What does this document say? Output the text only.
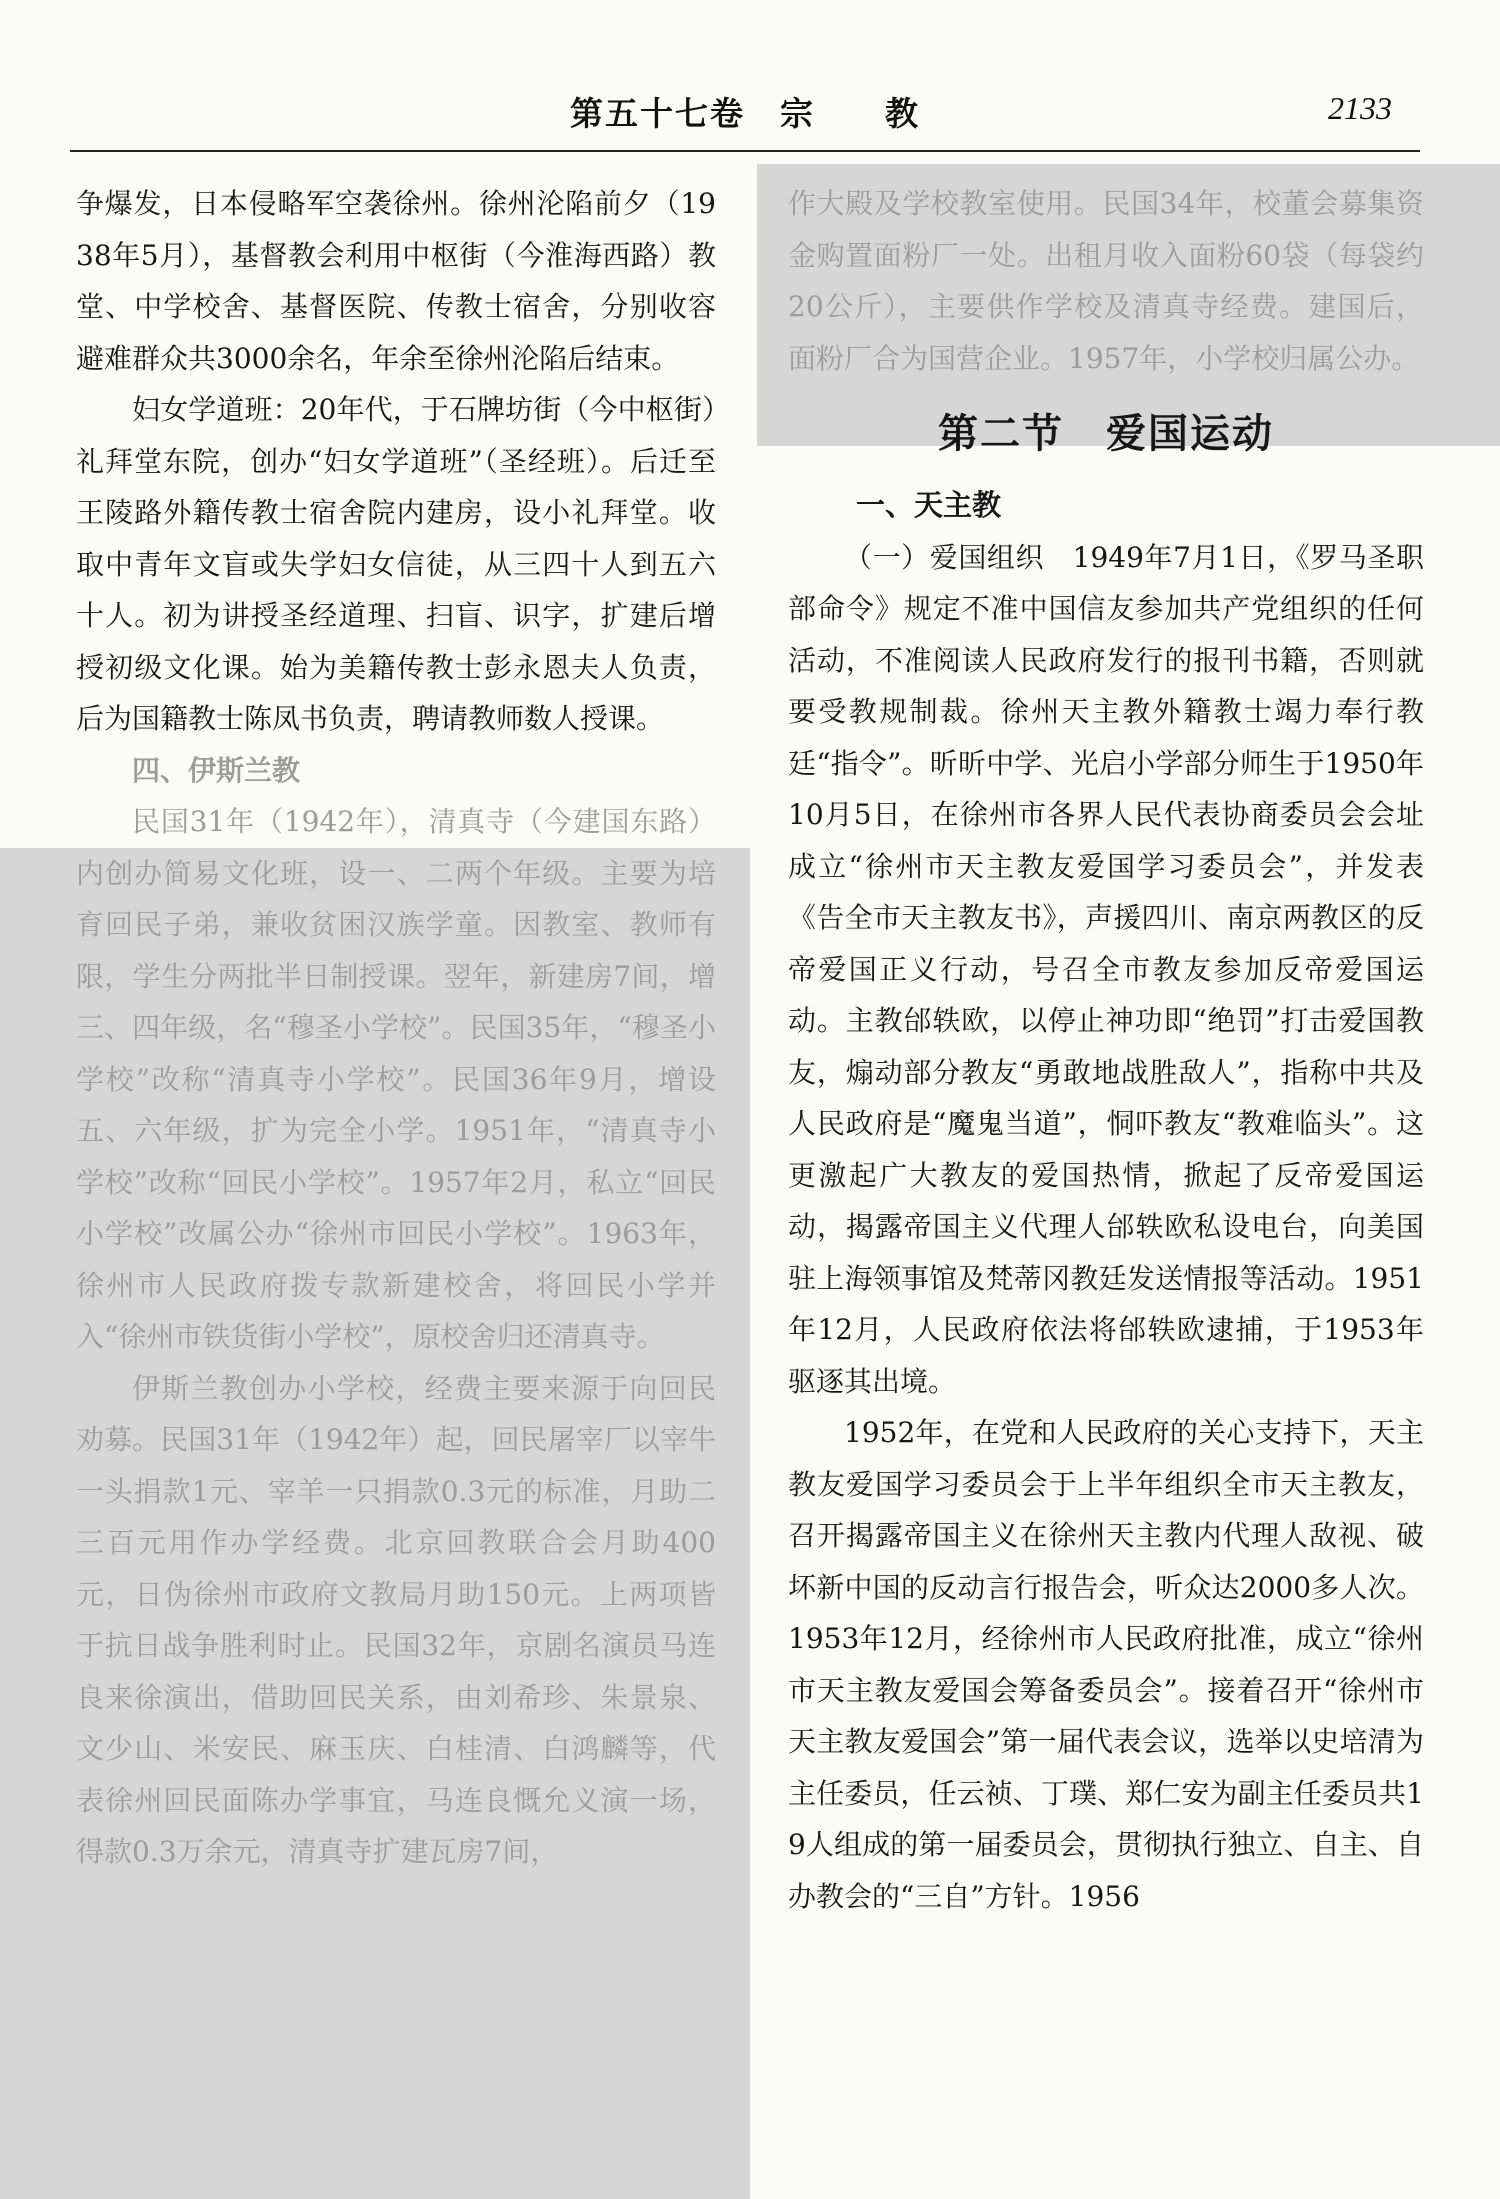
第五十七卷　宗　　教	2133

争爆发，日本侵略军空袭徐州。徐州沦陷前夕（1938年5月），基督教会利用中枢街（今淮海西路）教堂、中学校舍、基督医院、传教士宿舍，分别收容避难群众共3000余名，年余至徐州沦陷后结束。

妇女学道班：20年代，于石牌坊街（今中枢街）礼拜堂东院，创办“妇女学道班”（圣经班）。后迁至王陵路外籍传教士宿舍院内建房，设小礼拜堂。收取中青年文盲或失学妇女信徒，从三四十人到五六十人。初为讲授圣经道理、扫盲、识字，扩建后增授初级文化课。始为美籍传教士彭永恩夫人负责，后为国籍教士陈凤书负责，聘请教师数人授课。

四、伊斯兰教

民国31年（1942年），清真寺（今建国东路）内创办简易文化班，设一、二两个年级。主要为培育回民子弟，兼收贫困汉族学童。因教室、教师有限，学生分两批半日制授课。翌年，新建房7间，增三、四年级，名“穆圣小学校”。民国35年，“穆圣小学校”改称“清真寺小学校”。民国36年9月，增设五、六年级，扩为完全小学。1951年，“清真寺小学校”改称“回民小学校”。1957年2月，私立“回民小学校”改属公办“徐州市回民小学校”。1963年，徐州市人民政府拨专款新建校舍，将回民小学并入“徐州市铁货街小学校”，原校舍归还清真寺。

伊斯兰教创办小学校，经费主要来源于向回民劝募。民国31年（1942年）起，回民屠宰厂以宰牛一头捐款1元、宰羊一只捐款0.3元的标准，月助二三百元用作办学经费。北京回教联合会月助400元，日伪徐州市政府文教局月助150元。上两项皆于抗日战争胜利时止。民国32年，京剧名演员马连良来徐演出，借助回民关系，由刘希珍、朱景泉、文少山、米安民、麻玉庆、白桂清、白鸿麟等，代表徐州回民面陈办学事宜，马连良慨允义演一场，得款0.3万余元，清真寺扩建瓦房7间，

作大殿及学校教室使用。民国34年，校董会募集资金购置面粉厂一处。出租月收入面粉60袋（每袋约20公斤），主要供作学校及清真寺经费。建国后，面粉厂合为国营企业。1957年，小学校归属公办。

第二节　爱国运动

一、天主教

（一）爱国组织　1949年7月1日，《罗马圣职部命令》规定不准中国信友参加共产党组织的任何活动，不准阅读人民政府发行的报刊书籍，否则就要受教规制裁。徐州天主教外籍教士竭力奉行教廷“指令”。昕昕中学、光启小学部分师生于1950年10月5日，在徐州市各界人民代表协商委员会会址成立“徐州市天主教友爱国学习委员会”，并发表《告全市天主教友书》，声援四川、南京两教区的反帝爱国正义行动，号召全市教友参加反帝爱国运动。主教邰轶欧，以停止神功即“绝罚”打击爱国教友，煽动部分教友“勇敢地战胜敌人”，指称中共及人民政府是“魔鬼当道”，恫吓教友“教难临头”。这更激起广大教友的爱国热情，掀起了反帝爱国运动，揭露帝国主义代理人邰轶欧私设电台，向美国驻上海领事馆及梵蒂冈教廷发送情报等活动。1951年12月，人民政府依法将邰轶欧逮捕，于1953年驱逐其出境。

1952年，在党和人民政府的关心支持下，天主教友爱国学习委员会于上半年组织全市天主教友，召开揭露帝国主义在徐州天主教内代理人敌视、破坏新中国的反动言行报告会，听众达2000多人次。1953年12月，经徐州市人民政府批准，成立“徐州市天主教友爱国会筹备委员会”。接着召开“徐州市天主教友爱国会”第一届代表会议，选举以史培清为主任委员，任云祯、丁璞、郑仁安为副主任委员共19人组成的第一届委员会，贯彻执行独立、自主、自办教会的“三自”方针。1956
